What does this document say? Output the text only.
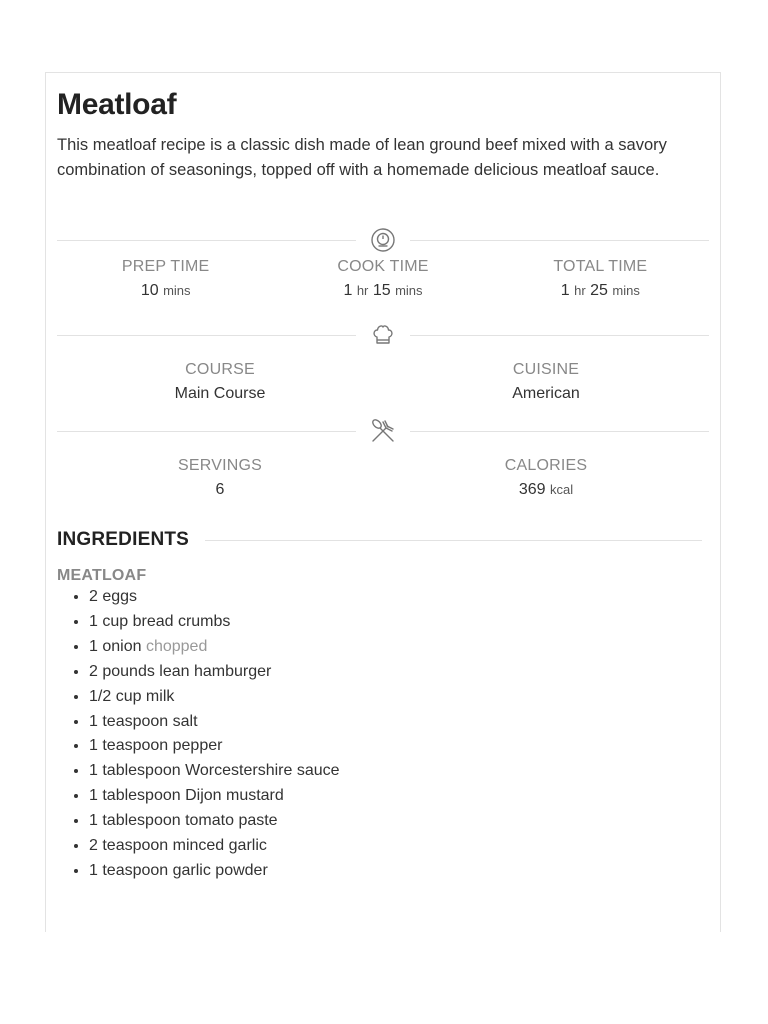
Meatloaf

This meatloaf recipe is a classic dish made of lean ground beef mixed with a savory combination of seasonings, topped off with a homemade delicious meatloaf sauce.

PREP TIME
10 mins
COOK TIME
1 hr 15 mins
TOTAL TIME
1 hr 25 mins
COURSE
Main Course
CUISINE
American
SERVINGS
6
CALORIES
369 kcal
INGREDIENTS
MEATLOAF
• 2 eggs
• 1 cup bread crumbs
• 1 onion chopped
• 2 pounds lean hamburger
• 1/2 cup milk
• 1 teaspoon salt
• 1 teaspoon pepper
• 1 tablespoon Worcestershire sauce
• 1 tablespoon Dijon mustard
• 1 tablespoon tomato paste
• 2 teaspoon minced garlic
• 1 teaspoon garlic powder
